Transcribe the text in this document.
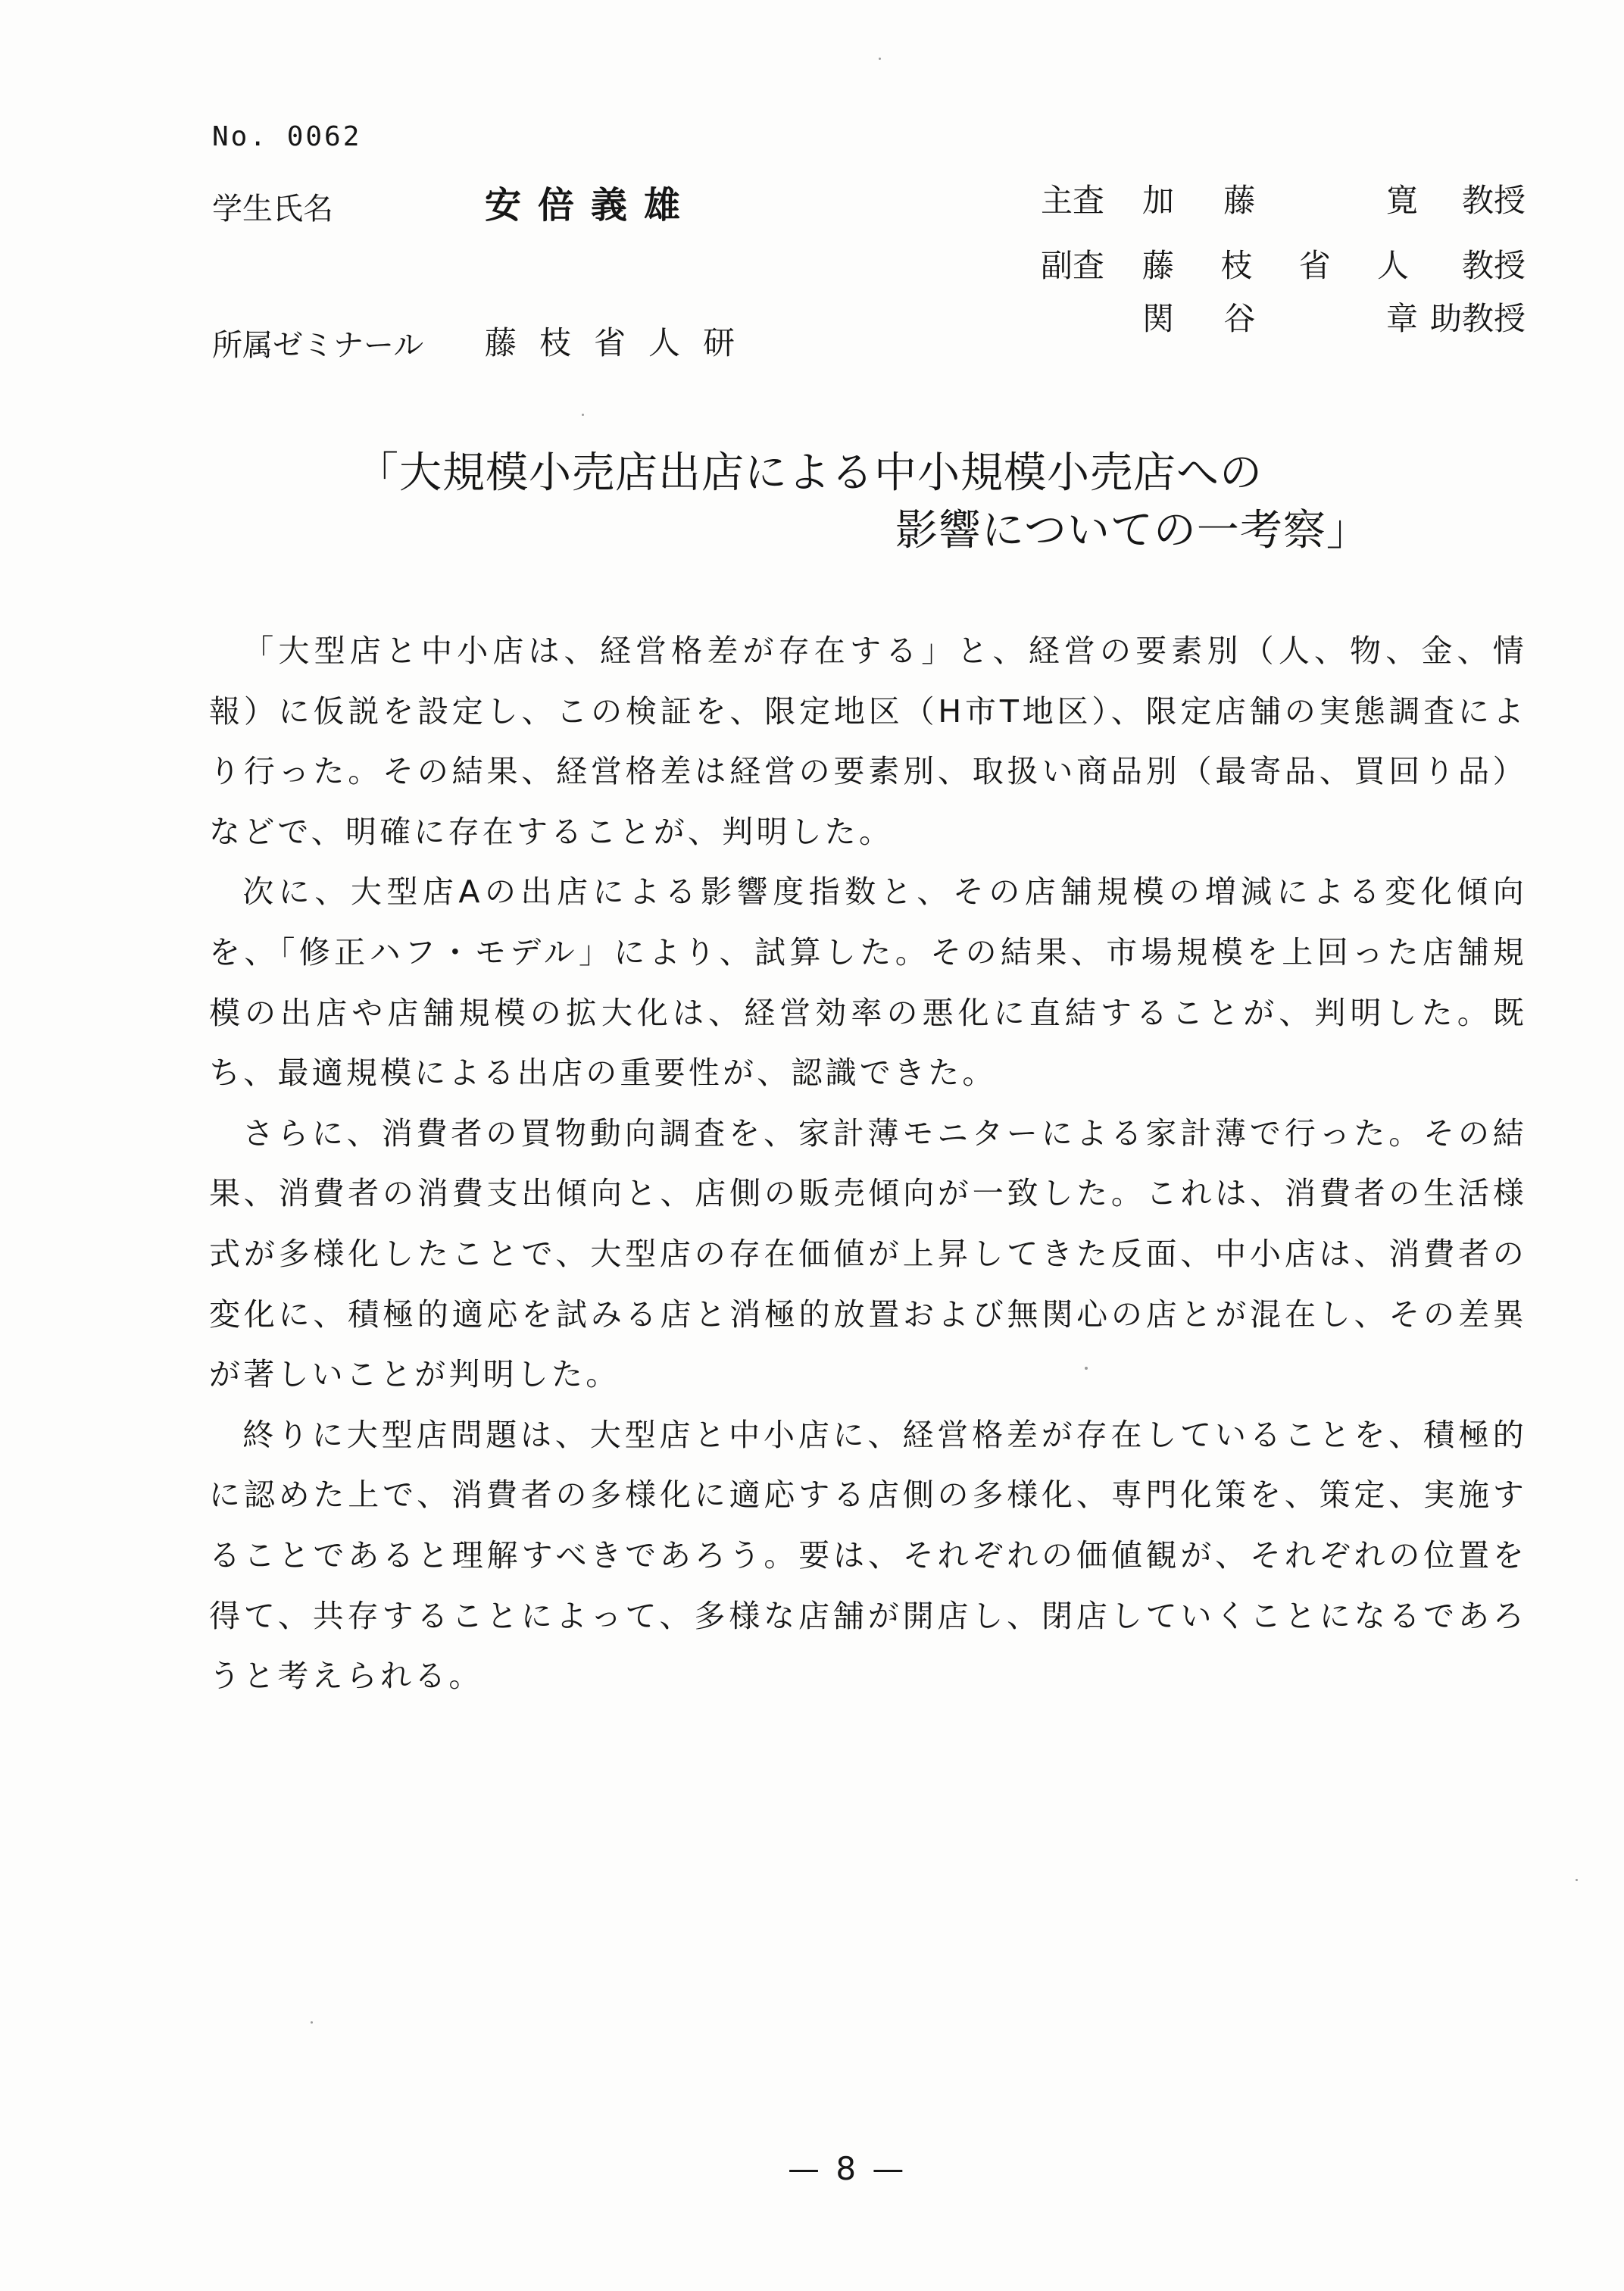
No. 0062
学生氏名	安倍義雄
所属ゼミナール 藤枝省人研
主査 加 藤 　 寛 教授
副査 藤 枝 省 人 教授
関 谷 　 章
助教授
「大規模小売店出店による中小規模小売店への
影響についての一考察」

「大型店と中小店は、経営格差が存在する」と、経営の要素別（人、物、金、情報）に仮説を設定し、この検証を、限定地区（H市T地区）、限定店舗の実態調査により行った。その結果、経営格差は経営の要素別、取扱い商品別（最寄品、買回り品）などで、明確に存在することが、判明した。

次に、大型店Aの出店による影響度指数と、その店舗規模の増減による変化傾向を、「修正ハフ・モデル」により、試算した。その結果、市場規模を上回った店舗規模の出店や店舗規模の拡大化は、経営効率の悪化に直結することが、判明した。既ち、最適規模による出店の重要性が、認識できた。

さらに、消費者の買物動向調査を、家計薄モニターによる家計薄で行った。その結果、消費者の消費支出傾向と、店側の販売傾向が一致した。これは、消費者の生活様式が多様化したことで、大型店の存在価値が上昇してきた反面、中小店は、消費者の変化に、積極的適応を試みる店と消極的放置および無関心の店とが混在し、その差異が著しいことが判明した。

終りに大型店問題は、大型店と中小店に、経営格差が存在していることを、積極的に認めた上で、消費者の多様化に適応する店側の多様化、専門化策を、策定、実施することであると理解すべきであろう。要は、それぞれの価値観が、それぞれの位置を得て、共存することによって、多様な店舗が開店し、閉店していくことになるであろうと考えられる。

— 8 —
